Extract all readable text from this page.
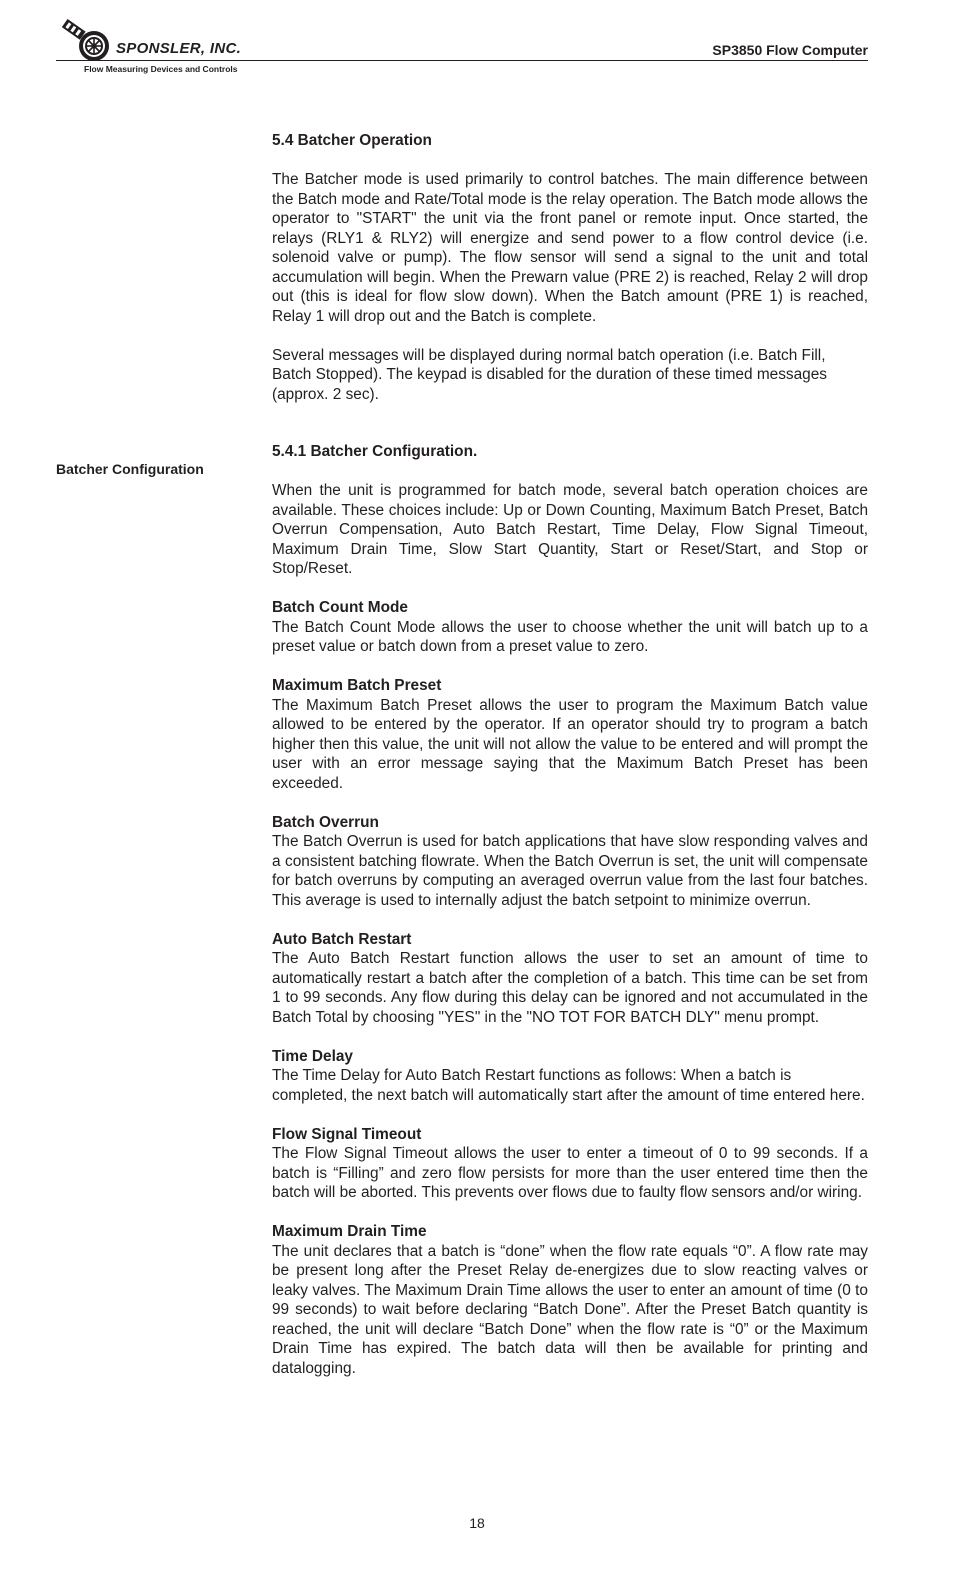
SPONSLER, INC.
Flow Measuring Devices and Controls
SP3850 Flow Computer
Batcher Configuration
5.4 Batcher Operation

The Batcher mode is used primarily to control batches. The main difference between the Batch mode and Rate/Total mode is the relay operation. The Batch mode allows the operator to "START" the unit via the front panel or remote input. Once started, the relays (RLY1 & RLY2) will energize and send power to a flow control device (i.e. solenoid valve or pump). The flow sensor will send a signal to the unit and total accumulation will begin. When the Prewarn value (PRE 2) is reached, Relay 2 will drop out (this is ideal for flow slow down). When the Batch amount (PRE 1) is reached, Relay 1 will drop out and the Batch is complete.

Several messages will be displayed during normal batch operation (i.e. Batch Fill, Batch Stopped). The keypad is disabled for the duration of these timed messages (approx. 2 sec).

5.4.1 Batcher Configuration.

When the unit is programmed for batch mode, several batch operation choices are available. These choices include: Up or Down Counting, Maximum Batch Preset, Batch Overrun Compensation, Auto Batch Restart, Time Delay, Flow Signal Timeout, Maximum Drain Time, Slow Start Quantity, Start or Reset/Start, and Stop or Stop/Reset.

Batch Count Mode

The Batch Count Mode allows the user to choose whether the unit will batch up to a preset value or batch down from a preset value to zero.

Maximum Batch Preset

The Maximum Batch Preset allows the user to program the Maximum Batch value allowed to be entered by the operator. If an operator should try to program a batch higher then this value, the unit will not allow the value to be entered and will prompt the user with an error message saying that the Maximum Batch Preset has been exceeded.

Batch Overrun

The Batch Overrun is used for batch applications that have slow responding valves and a consistent batching flowrate. When the Batch Overrun is set, the unit will compensate for batch overruns by computing an averaged overrun value from the last four batches. This average is used to internally adjust the batch setpoint to minimize overrun.

Auto Batch Restart

The Auto Batch Restart function allows the user to set an amount of time to automatically restart a batch after the completion of a batch. This time can be set from 1 to 99 seconds. Any flow during this delay can be ignored and not accumulated in the Batch Total by choosing "YES" in the "NO TOT FOR BATCH DLY" menu prompt.

Time Delay

The Time Delay for Auto Batch Restart functions as follows: When a batch is completed, the next batch will automatically start after the amount of time entered here.

Flow Signal Timeout

The Flow Signal Timeout allows the user to enter a timeout of 0 to 99 seconds. If a batch is “Filling” and zero flow persists for more than the user entered time then the batch will be aborted. This prevents over flows due to faulty flow sensors and/or wiring.

Maximum Drain Time

The unit declares that a batch is “done” when the flow rate equals “0”. A flow rate may be present long after the Preset Relay de-energizes due to slow reacting valves or leaky valves. The Maximum Drain Time allows the user to enter an amount of time (0 to 99 seconds) to wait before declaring “Batch Done”. After the Preset Batch quantity is reached, the unit will declare “Batch Done” when the flow rate is “0” or the Maximum Drain Time has expired. The batch data will then be available for printing and datalogging.

18
